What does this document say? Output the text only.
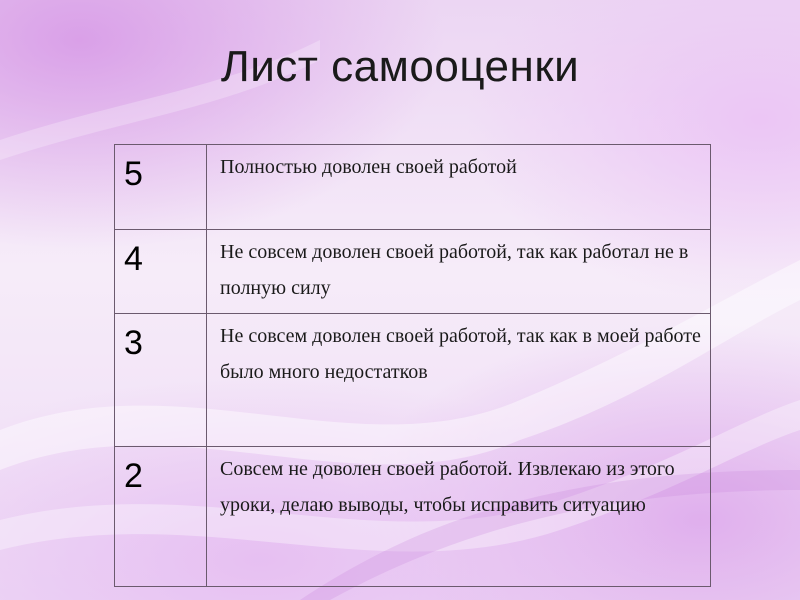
Лист самооценки
5	Полностью доволен своей работой
4	Не совсем доволен своей работой, так как работал не в полную силу
3	Не совсем доволен своей работой, так как в моей работе было много недостатков
2	Совсем не доволен своей работой. Извлекаю из этого уроки, делаю выводы, чтобы исправить ситуацию
